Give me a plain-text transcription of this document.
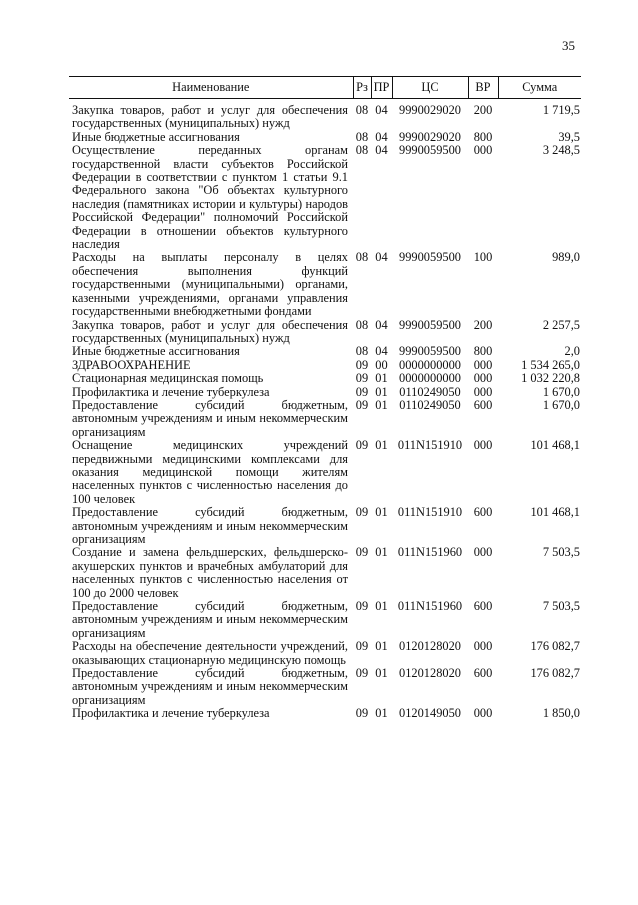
35
Наименование	Рз	ПР	ЦС	ВР	Сумма

Закупка товаров, работ и услуг для обеспечения государственных (муниципальных) нужд	08	04	9990029020	200	1 719,5
Иные бюджетные ассигнования	08	04	9990029020	800	39,5
Осуществление переданных органам государственной власти субъектов Российской Федерации в соответствии с пунктом 1 статьи 9.1 Федерального закона "Об объектах культурного наследия (памятниках истории и культуры) народов Российской Федерации" полномочий Российской Федерации в отношении объектов культурного наследия	08	04	9990059500	000	3 248,5
Расходы на выплаты персоналу в целях обеспечения выполнения функций государственными (муниципальными) органами, казенными учреждениями, органами управления государственными внебюджетными фондами	08	04	9990059500	100	989,0
Закупка товаров, работ и услуг для обеспечения государственных (муниципальных) нужд	08	04	9990059500	200	2 257,5
Иные бюджетные ассигнования	08	04	9990059500	800	2,0
ЗДРАВООХРАНЕНИЕ	09	00	0000000000	000	1 534 265,0
Стационарная медицинская помощь	09	01	0000000000	000	1 032 220,8
Профилактика и лечение туберкулеза	09	01	0110249050	000	1 670,0
Предоставление субсидий бюджетным, автономным учреждениям и иным некоммерческим организациям	09	01	0110249050	600	1 670,0
Оснащение медицинских учреждений передвижными медицинскими комплексами для оказания медицинской помощи жителям населенных пунктов с численностью населения до 100 человек	09	01	011N151910	000	101 468,1
Предоставление субсидий бюджетным, автономным учреждениям и иным некоммерческим организациям	09	01	011N151910	600	101 468,1
Создание и замена фельдшерских, фельдшерско-акушерских пунктов и врачебных амбулаторий для населенных пунктов с численностью населения от 100 до 2000 человек	09	01	011N151960	000	7 503,5
Предоставление субсидий бюджетным, автономным учреждениям и иным некоммерческим организациям	09	01	011N151960	600	7 503,5
Расходы на обеспечение деятельности учреждений, оказывающих стационарную медицинскую помощь	09	01	0120128020	000	176 082,7
Предоставление субсидий бюджетным, автономным учреждениям и иным некоммерческим организациям	09	01	0120128020	600	176 082,7
Профилактика и лечение туберкулеза	09	01	0120149050	000	1 850,0
